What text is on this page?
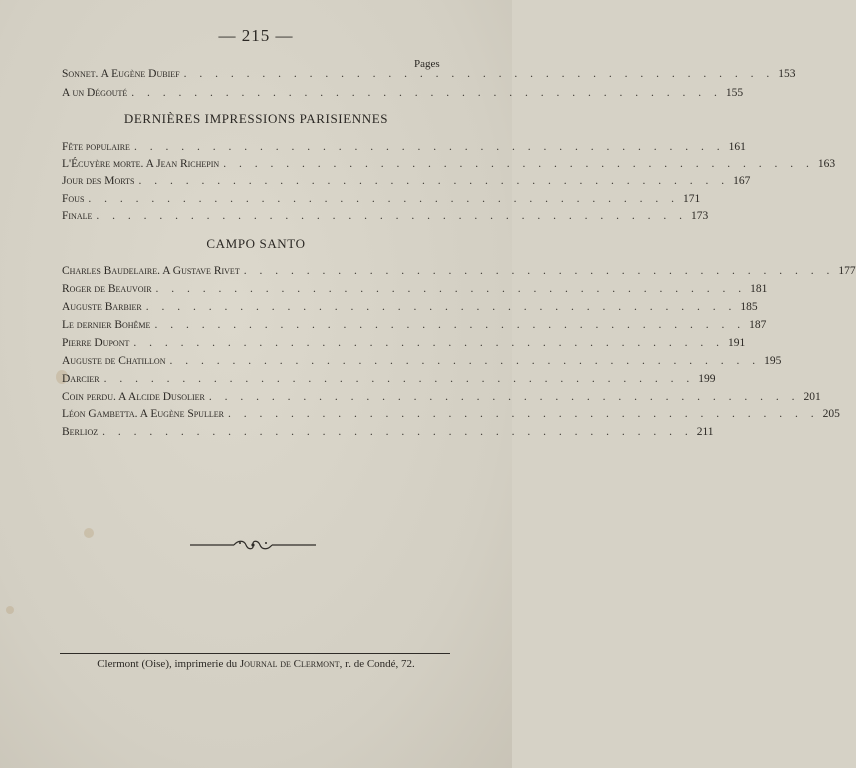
— 215 —
Pages
Sonnet. A Eugène Dubief . . . . . . . . . . . . . . . . . . . . . . . . . . . . . . . . . . . . . . 153
A un Dégouté . . . . . . . . . . . . . . . . . . . . . . . . . . . . . . . . . . . . . . 155
DERNIÈRES IMPRESSIONS PARISIENNES
Fête populaire . . . . . . . . . . . . . . . . . . . . . . . . . . . . . . . . . . . . . . 161
L'Écuyère morte. A Jean Richepin . . . . . . . . . . . . . . . . . . . . . . . . . . . . . . . . . . . . . . 163
Jour des Morts . . . . . . . . . . . . . . . . . . . . . . . . . . . . . . . . . . . . . . 167
Fous . . . . . . . . . . . . . . . . . . . . . . . . . . . . . . . . . . . . . . 171
Finale . . . . . . . . . . . . . . . . . . . . . . . . . . . . . . . . . . . . . . 173
CAMPO SANTO
Charles Baudelaire. A Gustave Rivet . . . . . . . . . . . . . . . . . . . . . . . . . . . . . . . . . . . . . . 177
Roger de Beauvoir . . . . . . . . . . . . . . . . . . . . . . . . . . . . . . . . . . . . . . 181
Auguste Barbier . . . . . . . . . . . . . . . . . . . . . . . . . . . . . . . . . . . . . . 185
Le dernier Bohême . . . . . . . . . . . . . . . . . . . . . . . . . . . . . . . . . . . . . . 187
Pierre Dupont . . . . . . . . . . . . . . . . . . . . . . . . . . . . . . . . . . . . . . 191
Auguste de Chatillon . . . . . . . . . . . . . . . . . . . . . . . . . . . . . . . . . . . . . . 195
Darcier . . . . . . . . . . . . . . . . . . . . . . . . . . . . . . . . . . . . . . 199
Coin perdu. A Alcide Dusolier . . . . . . . . . . . . . . . . . . . . . . . . . . . . . . . . . . . . . . 201
Léon Gambetta. A Eugène Spuller . . . . . . . . . . . . . . . . . . . . . . . . . . . . . . . . . . . . . . 205
Berlioz . . . . . . . . . . . . . . . . . . . . . . . . . . . . . . . . . . . . . . 211
Clermont (Oise), imprimerie du Journal de Clermont, r. de Condé, 72.
